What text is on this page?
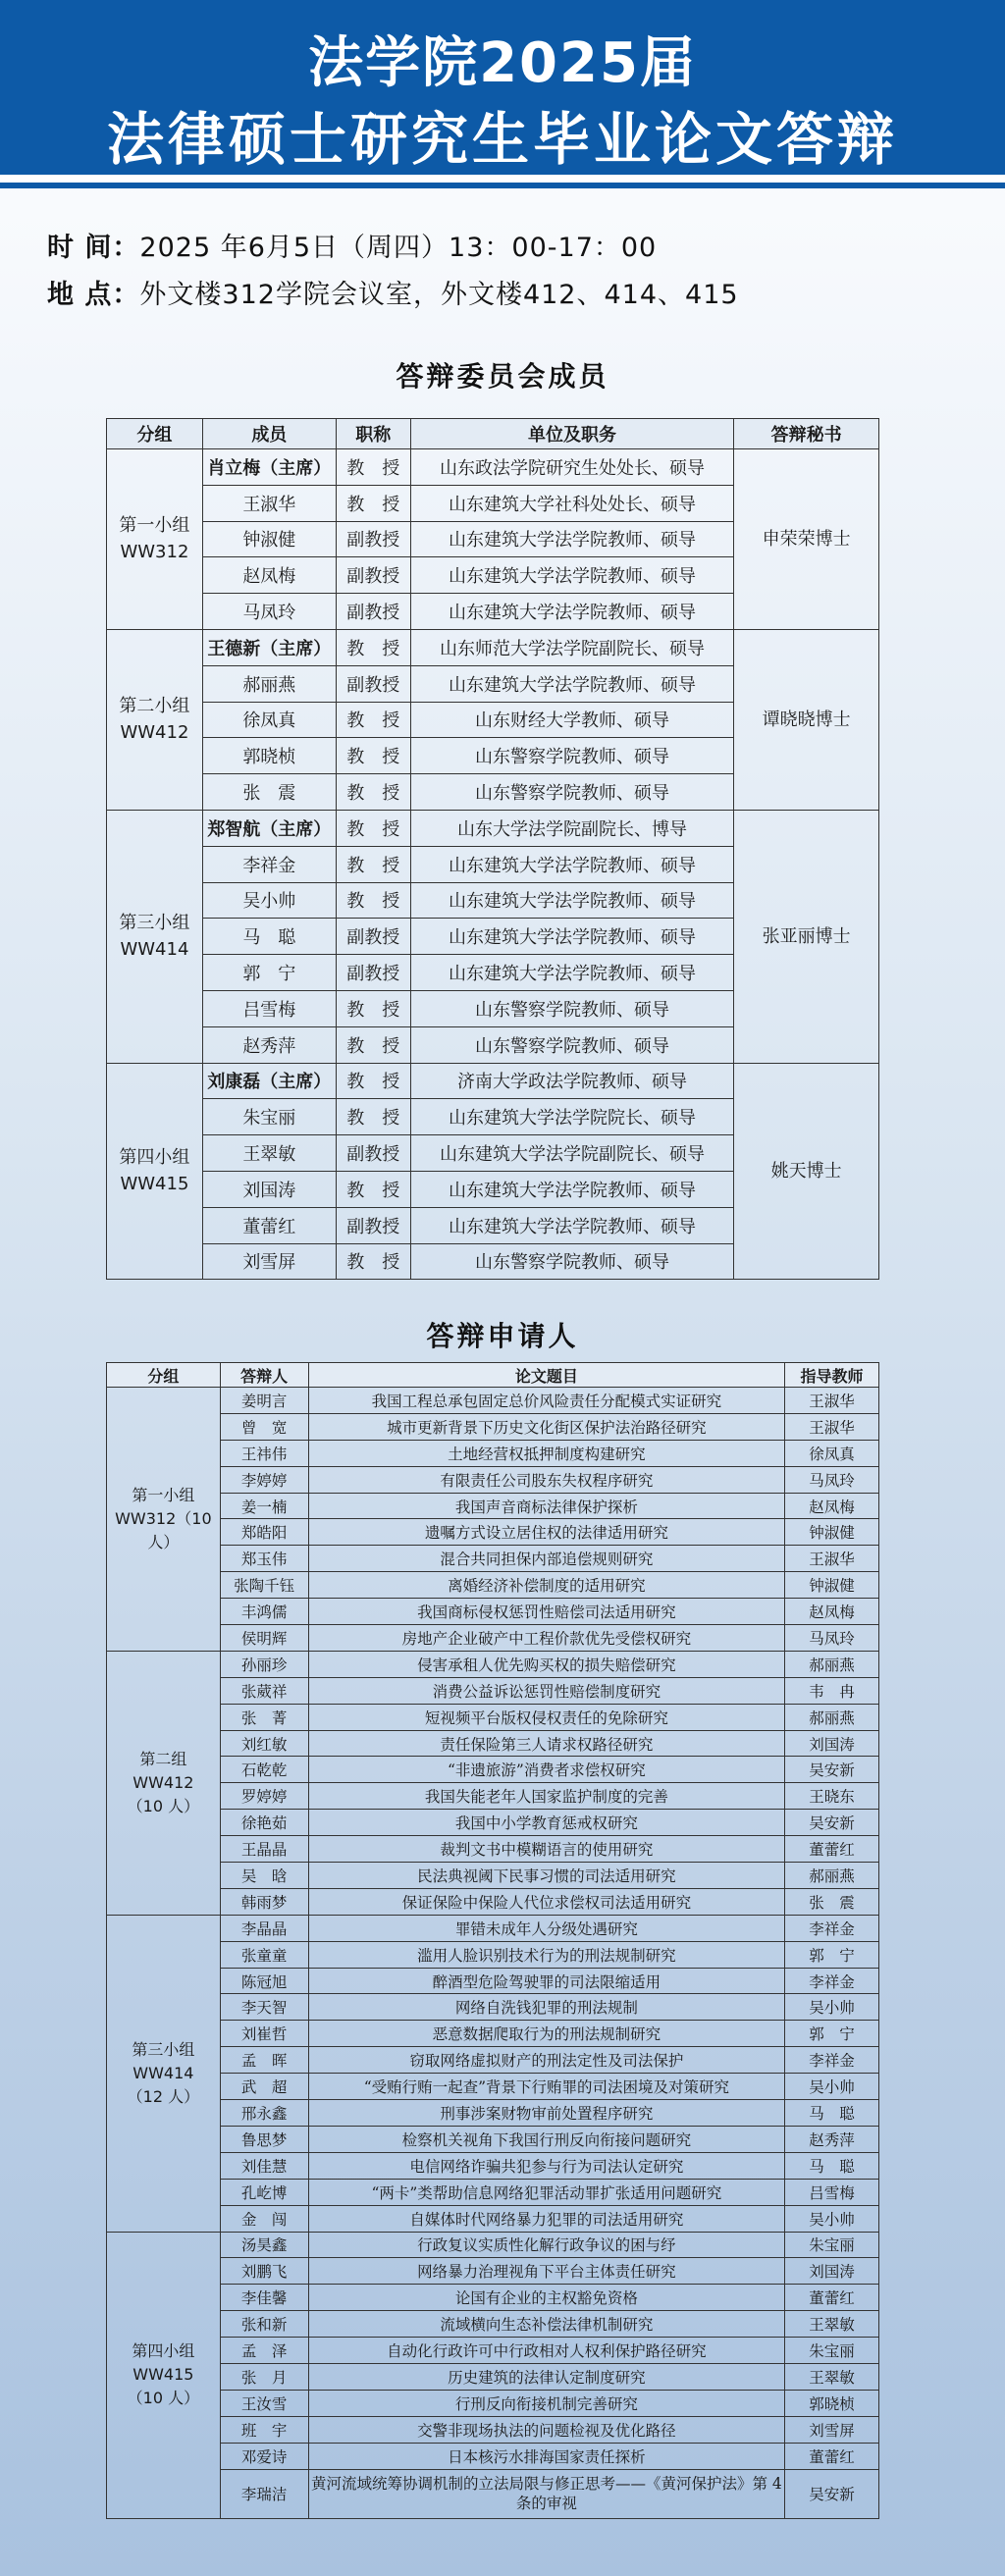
法学院2025届
法律硕士研究生毕业论文答辩
时 间：2025 年6月5日（周四）13：00-17：00
地 点：外文楼312学院会议室，外文楼412、414、415
答辩委员会成员
分组	成员	职称	单位及职务	答辩秘书
第一小组
WW312	肖立梅（主席）	教　授	山东政法学院研究生处处长、硕导	申荣荣博士
	王淑华	教　授	山东建筑大学社科处处长、硕导	
	钟淑健	副教授	山东建筑大学法学院教师、硕导	
	赵凤梅	副教授	山东建筑大学法学院教师、硕导	
	马凤玲	副教授	山东建筑大学法学院教师、硕导	
第二小组
WW412	王德新（主席）	教　授	山东师范大学法学院副院长、硕导	谭晓晓博士
	郝丽燕	副教授	山东建筑大学法学院教师、硕导	
	徐凤真	教　授	山东财经大学教师、硕导	
	郭晓桢	教　授	山东警察学院教师、硕导	
	张　震	教　授	山东警察学院教师、硕导	
第三小组
WW414	郑智航（主席）	教　授	山东大学法学院副院长、博导	张亚丽博士
	李祥金	教　授	山东建筑大学法学院教师、硕导	
	吴小帅	教　授	山东建筑大学法学院教师、硕导	
	马　聪	副教授	山东建筑大学法学院教师、硕导	
	郭　宁	副教授	山东建筑大学法学院教师、硕导	
	吕雪梅	教　授	山东警察学院教师、硕导	
	赵秀萍	教　授	山东警察学院教师、硕导	
第四小组
WW415	刘康磊（主席）	教　授	济南大学政法学院教师、硕导	姚天博士
	朱宝丽	教　授	山东建筑大学法学院院长、硕导	
	王翠敏	副教授	山东建筑大学法学院副院长、硕导	
	刘国涛	教　授	山东建筑大学法学院教师、硕导	
	董蕾红	副教授	山东建筑大学法学院教师、硕导	
	刘雪屏	教　授	山东警察学院教师、硕导	
答辩申请人
分组	答辩人	论文题目	指导教师
第一小组
WW312（10
人）	姜明言	我国工程总承包固定总价风险责任分配模式实证研究	王淑华
	曾　宽	城市更新背景下历史文化街区保护法治路径研究	王淑华
	王祎伟	土地经营权抵押制度构建研究	徐凤真
	李婷婷	有限责任公司股东失权程序研究	马凤玲
	姜一楠	我国声音商标法律保护探析	赵凤梅
	郑皓阳	遗嘱方式设立居住权的法律适用研究	钟淑健
	郑玉伟	混合共同担保内部追偿规则研究	王淑华
	张陶千钰	离婚经济补偿制度的适用研究	钟淑健
	丰鸿儒	我国商标侵权惩罚性赔偿司法适用研究	赵凤梅
	侯明辉	房地产企业破产中工程价款优先受偿权研究	马凤玲
第二组
WW412
（10 人）	孙丽珍	侵害承租人优先购买权的损失赔偿研究	郝丽燕
	张葳祥	消费公益诉讼惩罚性赔偿制度研究	韦　冉
	张　菁	短视频平台版权侵权责任的免除研究	郝丽燕
	刘红敏	责任保险第三人请求权路径研究	刘国涛
	石乾乾	“非遗旅游”消费者求偿权研究	吴安新
	罗婷婷	我国失能老年人国家监护制度的完善	王晓东
	徐艳茹	我国中小学教育惩戒权研究	吴安新
	王晶晶	裁判文书中模糊语言的使用研究	董蕾红
	吴　晗	民法典视阈下民事习惯的司法适用研究	郝丽燕
	韩雨梦	保证保险中保险人代位求偿权司法适用研究	张　震
第三小组
WW414
（12 人）	李晶晶	罪错未成年人分级处遇研究	李祥金
	张童童	滥用人脸识别技术行为的刑法规制研究	郭　宁
	陈冠旭	醉酒型危险驾驶罪的司法限缩适用	李祥金
	李天智	网络自洗钱犯罪的刑法规制	吴小帅
	刘崔哲	恶意数据爬取行为的刑法规制研究	郭　宁
	孟　晖	窃取网络虚拟财产的刑法定性及司法保护	李祥金
	武　超	“受贿行贿一起查”背景下行贿罪的司法困境及对策研究	吴小帅
	邢永鑫	刑事涉案财物审前处置程序研究	马　聪
	鲁思梦	检察机关视角下我国行刑反向衔接问题研究	赵秀萍
	刘佳慧	电信网络诈骗共犯参与行为司法认定研究	马　聪
	孔屹博	“两卡”类帮助信息网络犯罪活动罪扩张适用问题研究	吕雪梅
	金　闯	自媒体时代网络暴力犯罪的司法适用研究	吴小帅
第四小组
WW415
（10 人）	汤昊鑫	行政复议实质性化解行政争议的困与纾	朱宝丽
	刘鹏飞	网络暴力治理视角下平台主体责任研究	刘国涛
	李佳馨	论国有企业的主权豁免资格	董蕾红
	张和新	流域横向生态补偿法律机制研究	王翠敏
	孟　泽	自动化行政许可中行政相对人权利保护路径研究	朱宝丽
	张　月	历史建筑的法律认定制度研究	王翠敏
	王汝雪	行刑反向衔接机制完善研究	郭晓桢
	班　宇	交警非现场执法的问题检视及优化路径	刘雪屏
	邓爱诗	日本核污水排海国家责任探析	董蕾红
	李瑞洁	黄河流域统筹协调机制的立法局限与修正思考——《黄河保护法》第 4 条的审视	吴安新
